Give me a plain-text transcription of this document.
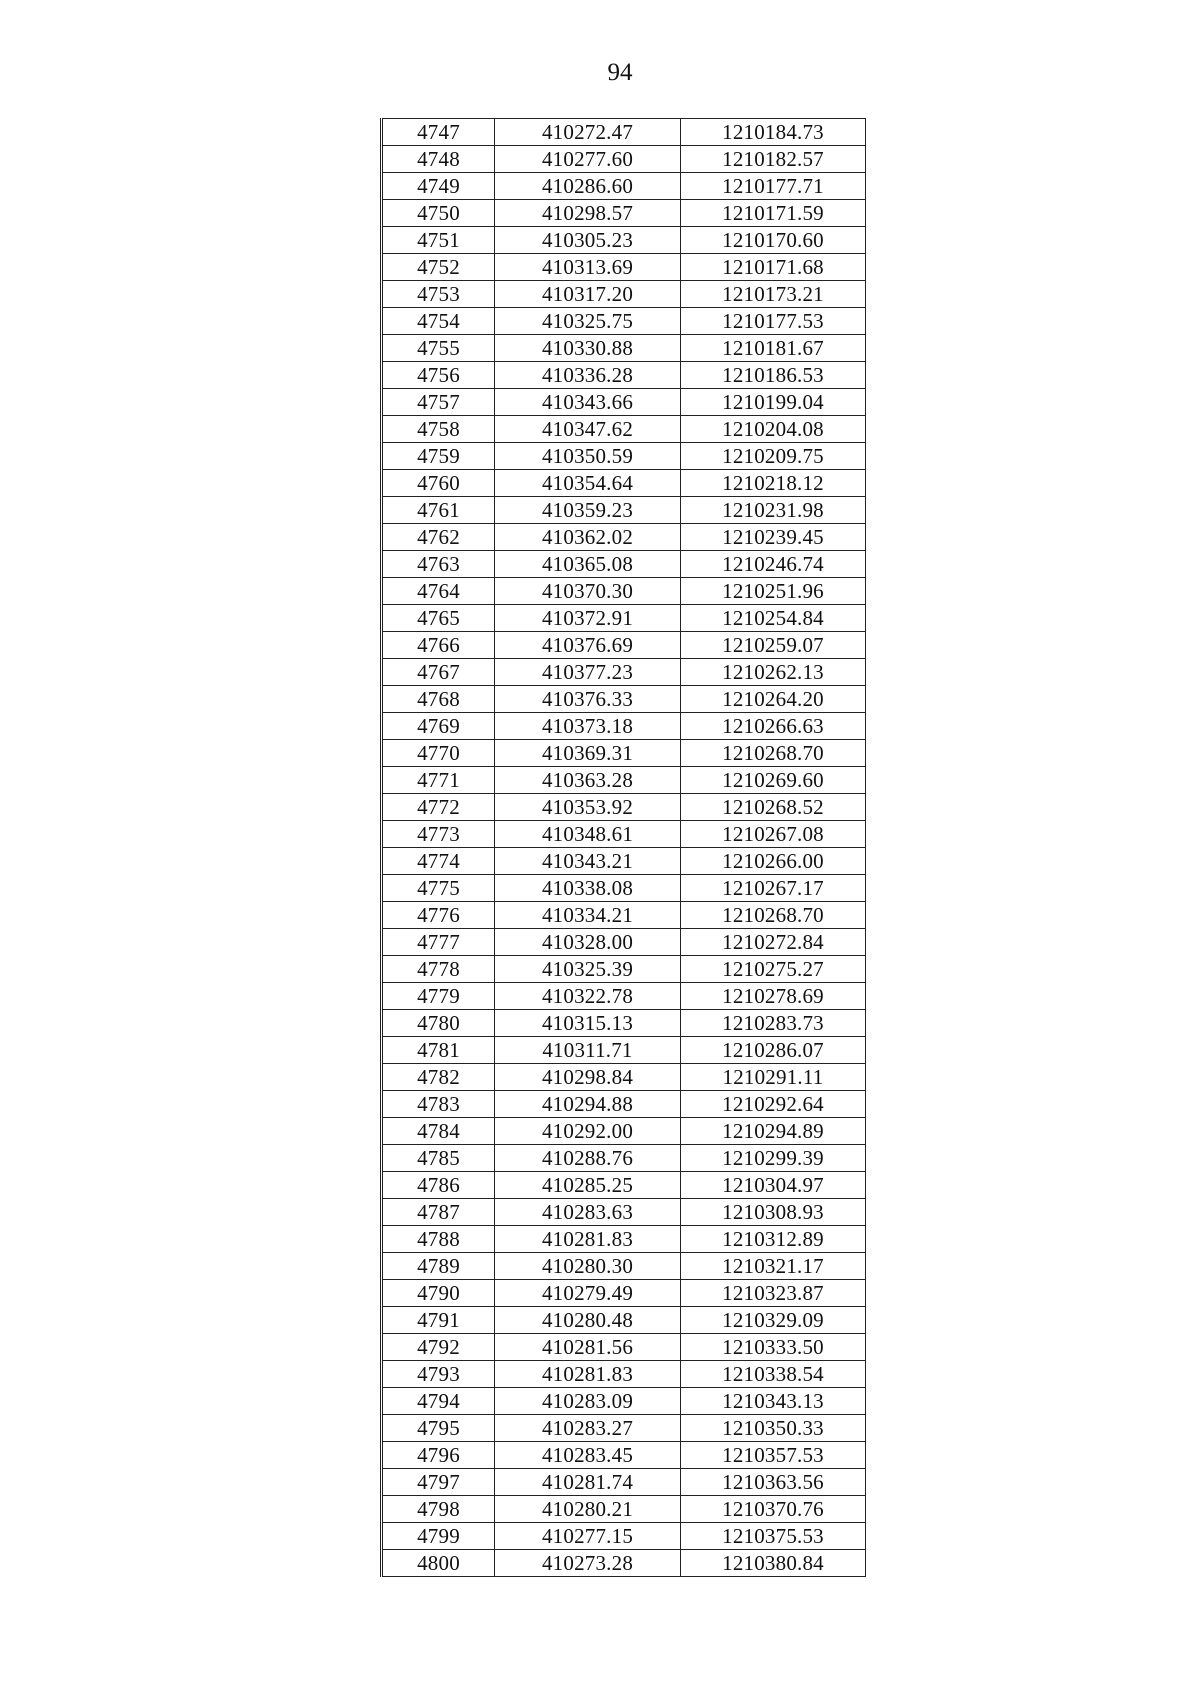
94
4747	410272.47	1210184.73
4748	410277.60	1210182.57
4749	410286.60	1210177.71
4750	410298.57	1210171.59
4751	410305.23	1210170.60
4752	410313.69	1210171.68
4753	410317.20	1210173.21
4754	410325.75	1210177.53
4755	410330.88	1210181.67
4756	410336.28	1210186.53
4757	410343.66	1210199.04
4758	410347.62	1210204.08
4759	410350.59	1210209.75
4760	410354.64	1210218.12
4761	410359.23	1210231.98
4762	410362.02	1210239.45
4763	410365.08	1210246.74
4764	410370.30	1210251.96
4765	410372.91	1210254.84
4766	410376.69	1210259.07
4767	410377.23	1210262.13
4768	410376.33	1210264.20
4769	410373.18	1210266.63
4770	410369.31	1210268.70
4771	410363.28	1210269.60
4772	410353.92	1210268.52
4773	410348.61	1210267.08
4774	410343.21	1210266.00
4775	410338.08	1210267.17
4776	410334.21	1210268.70
4777	410328.00	1210272.84
4778	410325.39	1210275.27
4779	410322.78	1210278.69
4780	410315.13	1210283.73
4781	410311.71	1210286.07
4782	410298.84	1210291.11
4783	410294.88	1210292.64
4784	410292.00	1210294.89
4785	410288.76	1210299.39
4786	410285.25	1210304.97
4787	410283.63	1210308.93
4788	410281.83	1210312.89
4789	410280.30	1210321.17
4790	410279.49	1210323.87
4791	410280.48	1210329.09
4792	410281.56	1210333.50
4793	410281.83	1210338.54
4794	410283.09	1210343.13
4795	410283.27	1210350.33
4796	410283.45	1210357.53
4797	410281.74	1210363.56
4798	410280.21	1210370.76
4799	410277.15	1210375.53
4800	410273.28	1210380.84
